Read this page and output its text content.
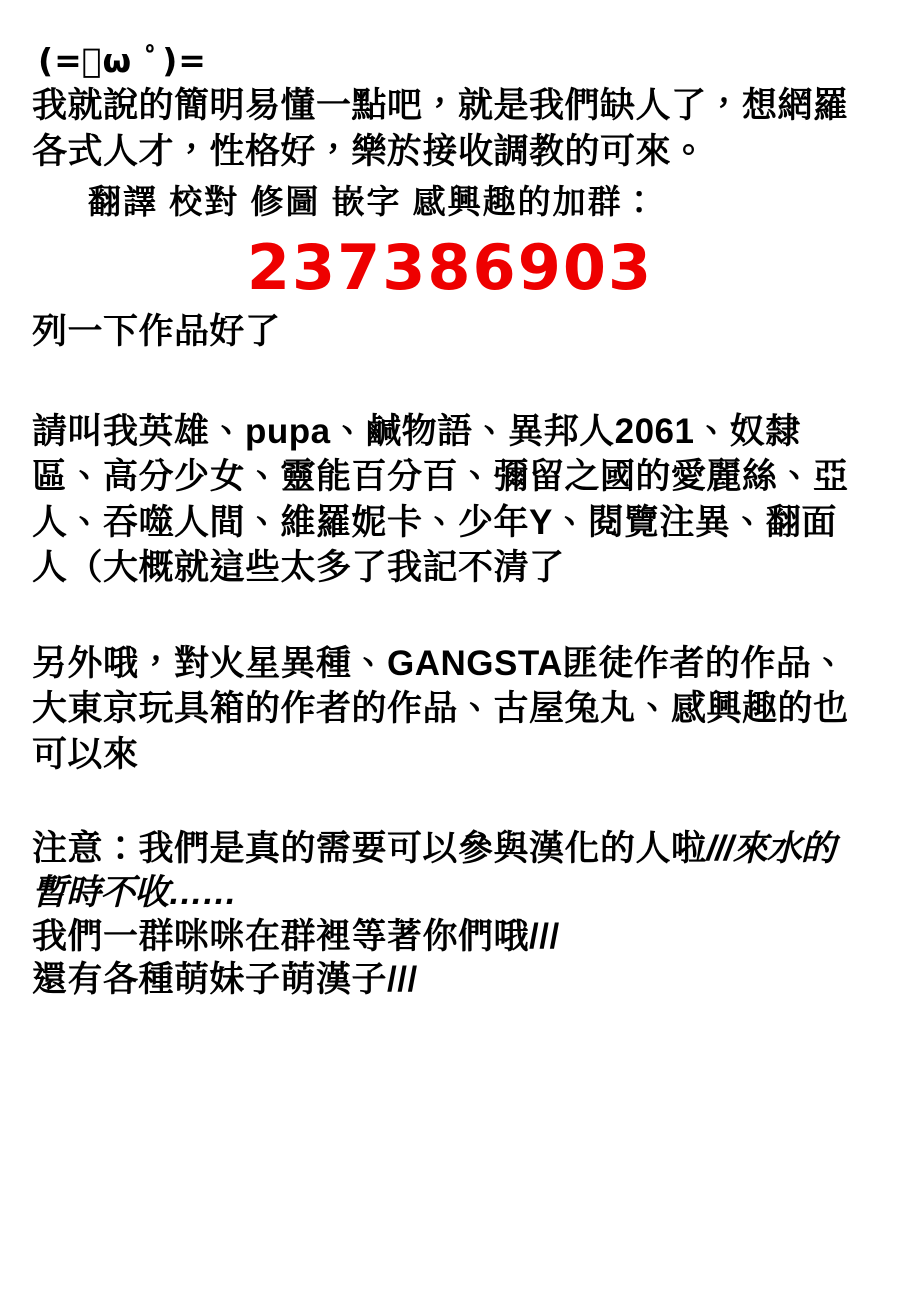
(=ﾟω ﾟ)=

我就說的簡明易懂一點吧，就是我們缺人了，想網羅各式人才，性格好，樂於接收調教的可來。

翻譯 校對 修圖 嵌字 感興趣的加群：

237386903

列一下作品好了

請叫我英雄、pupa、鹹物語、異邦人2061、奴隸區、高分少女、靈能百分百、彌留之國的愛麗絲、亞人、吞噬人間、維羅妮卡、少年Y、閱覽注異、翻面人（大概就這些太多了我記不清了

另外哦，對火星異種、GANGSTA匪徒作者的作品、大東京玩具箱的作者的作品、古屋兔丸、感興趣的也可以來

注意：我們是真的需要可以參與漢化的人啦///來水的暫時不收……

我們一群咪咪在群裡等著你們哦///

還有各種萌妹子萌漢子///
